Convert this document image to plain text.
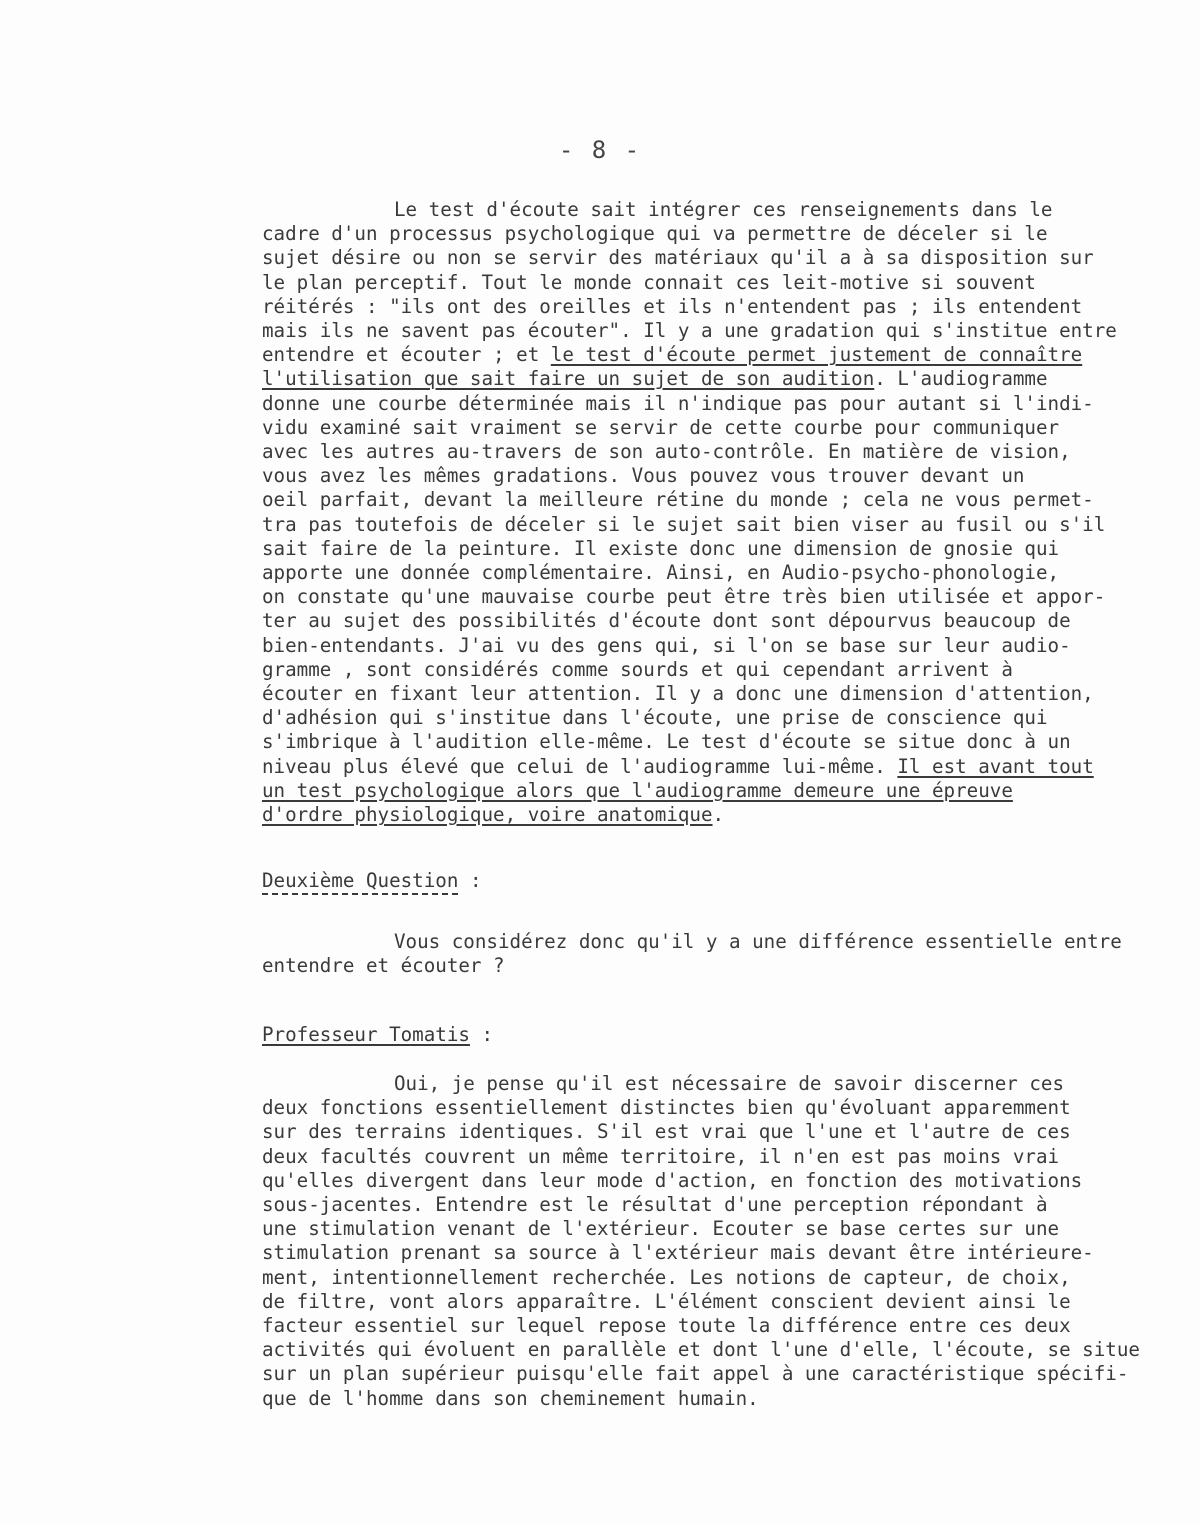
- 8 -
Le test d'écoute sait intégrer ces renseignements dans le
cadre d'un processus psychologique qui va permettre de déceler si le
sujet désire ou non se servir des matériaux qu'il a à sa disposition sur
le plan perceptif. Tout le monde connait ces leit-motive si souvent
réitérés : "ils ont des oreilles et ils n'entendent pas ; ils entendent
mais ils ne savent pas écouter". Il y a une gradation qui s'institue entre
entendre et écouter ; et le test d'écoute permet justement de connaître
l'utilisation que sait faire un sujet de son audition. L'audiogramme
donne une courbe déterminée mais il n'indique pas pour autant si l'indi-
vidu examiné sait vraiment se servir de cette courbe pour communiquer
avec les autres au-travers de son auto-contrôle. En matière de vision,
vous avez les mêmes gradations. Vous pouvez vous trouver devant un
oeil parfait, devant la meilleure rétine du monde ; cela ne vous permet-
tra pas toutefois de déceler si le sujet sait bien viser au fusil ou s'il
sait faire de la peinture. Il existe donc une dimension de gnosie qui
apporte une donnée complémentaire. Ainsi, en Audio-psycho-phonologie,
on constate qu'une mauvaise courbe peut être très bien utilisée et appor-
ter au sujet des possibilités d'écoute dont sont dépourvus beaucoup de
bien-entendants. J'ai vu des gens qui, si l'on se base sur leur audio-
gramme , sont considérés comme sourds et qui cependant arrivent à
écouter en fixant leur attention. Il y a donc une dimension d'attention,
d'adhésion qui s'institue dans l'écoute, une prise de conscience qui
s'imbrique à l'audition elle-même. Le test d'écoute se situe donc à un
niveau plus élevé que celui de l'audiogramme lui-même. Il est avant tout
un test psychologique alors que l'audiogramme demeure une épreuve
d'ordre physiologique, voire anatomique.
Deuxième Question :
Vous considérez donc qu'il y a une différence essentielle entre
entendre et écouter ?
Professeur Tomatis :
Oui, je pense qu'il est nécessaire de savoir discerner ces
deux fonctions essentiellement distinctes bien qu'évoluant apparemment
sur des terrains identiques. S'il est vrai que l'une et l'autre de ces
deux facultés couvrent un même territoire, il n'en est pas moins vrai
qu'elles divergent dans leur mode d'action, en fonction des motivations
sous-jacentes. Entendre est le résultat d'une perception répondant à
une stimulation venant de l'extérieur. Ecouter se base certes sur une
stimulation prenant sa source à l'extérieur mais devant être intérieure-
ment, intentionnellement recherchée. Les notions de capteur, de choix,
de filtre, vont alors apparaître. L'élément conscient devient ainsi le
facteur essentiel sur lequel repose toute la différence entre ces deux
activités qui évoluent en parallèle et dont l'une d'elle, l'écoute, se situe
sur un plan supérieur puisqu'elle fait appel à une caractéristique spécifi-
que de l'homme dans son cheminement humain.
